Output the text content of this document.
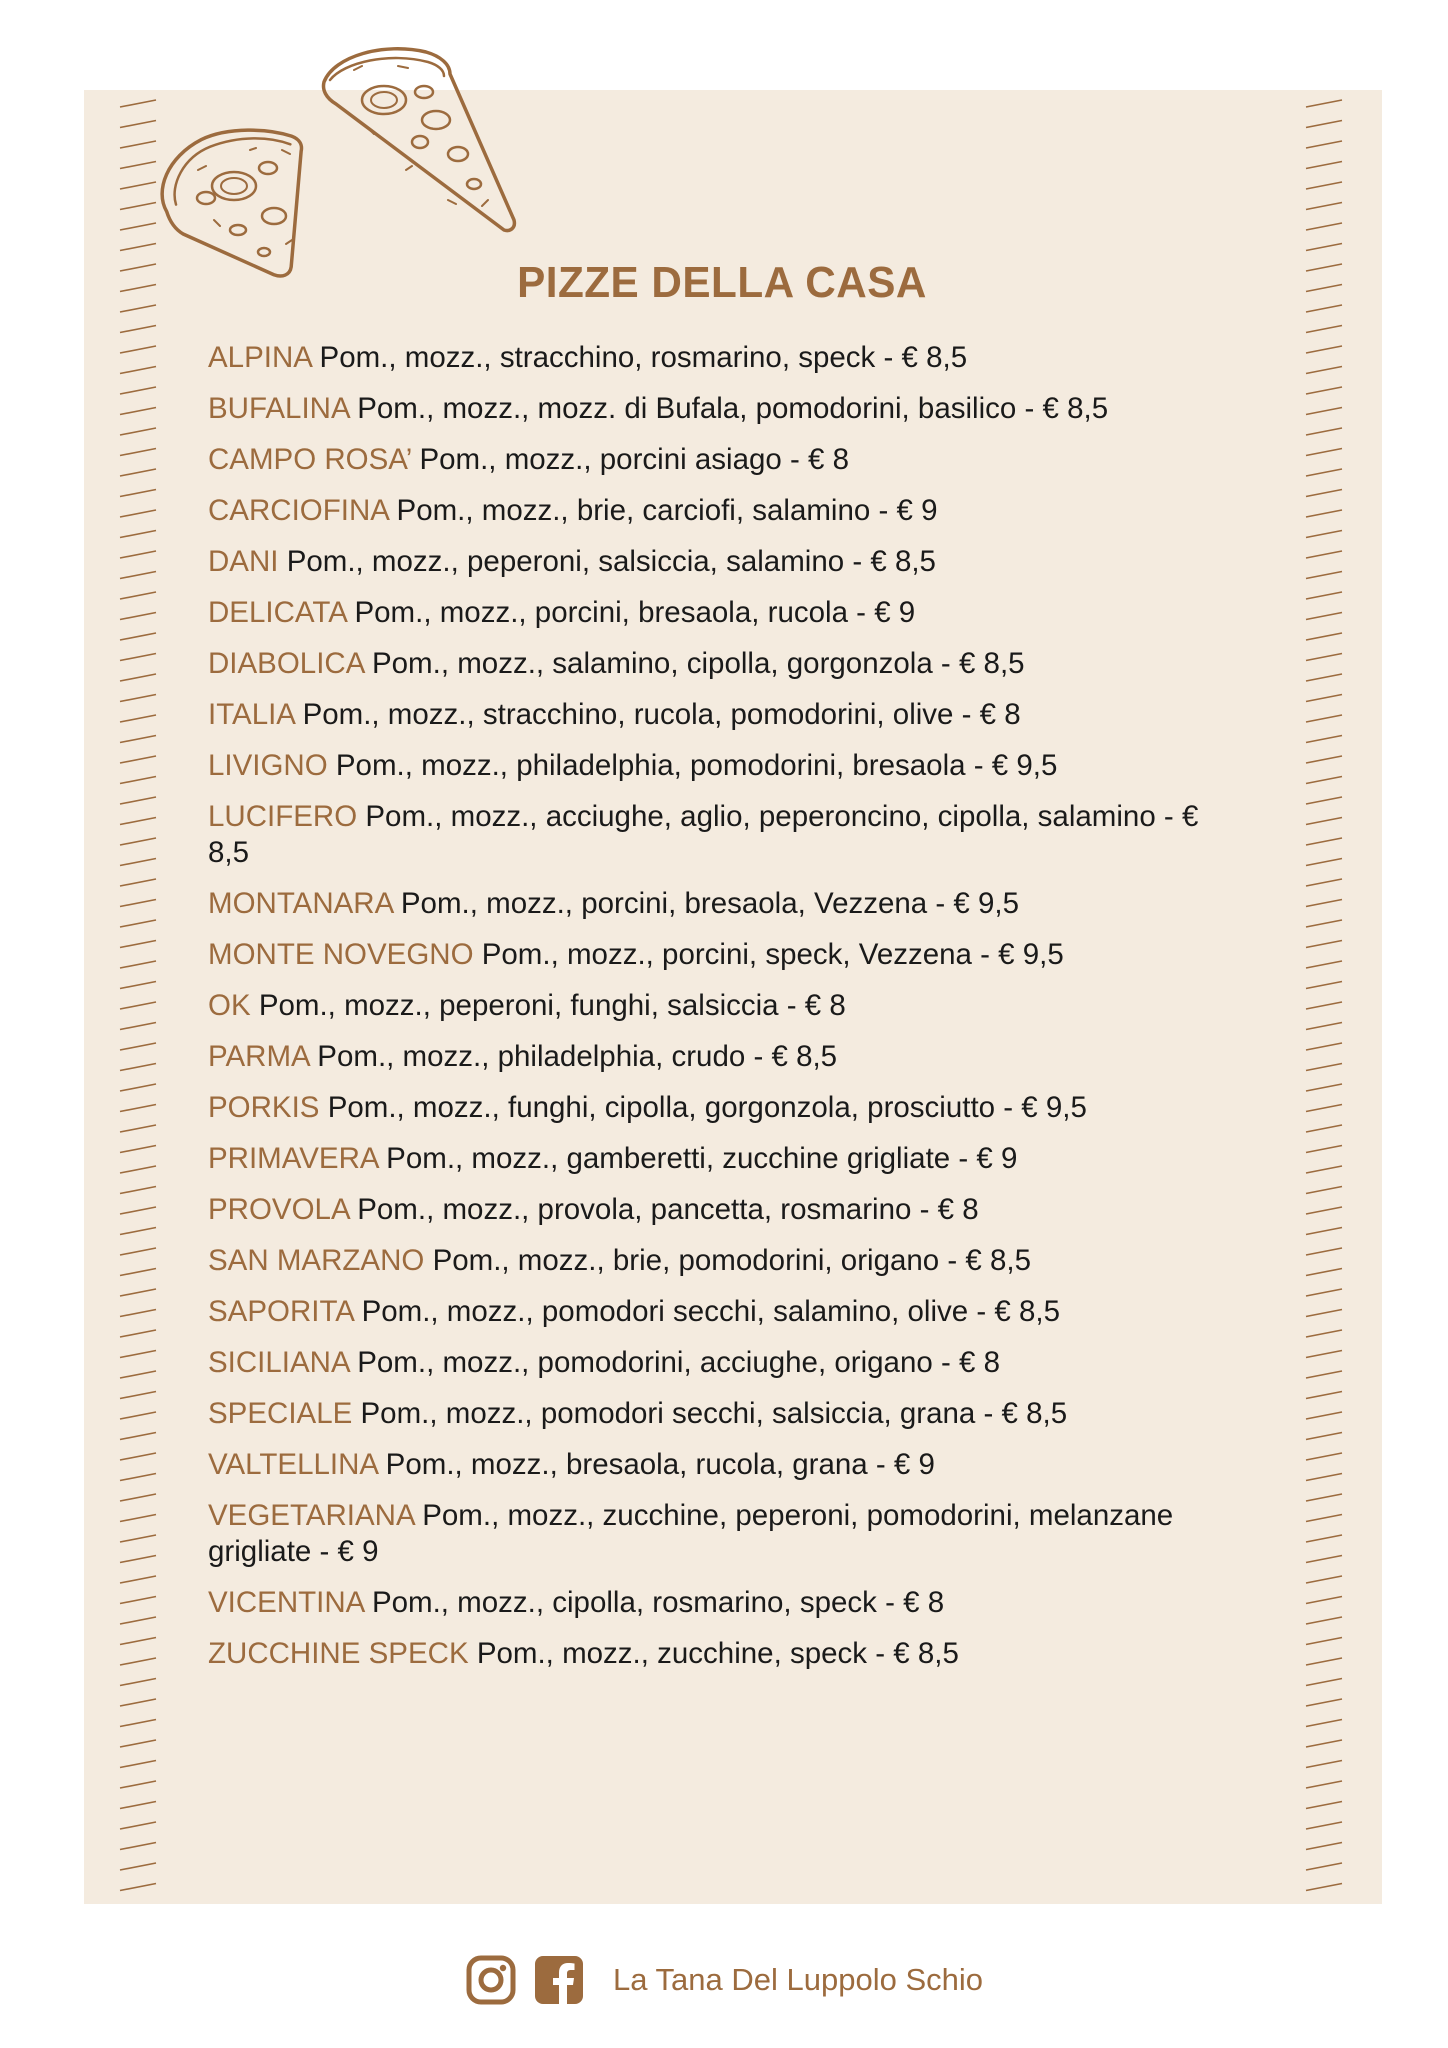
PIZZE DELLA CASA
ALPINA Pom., mozz., stracchino, rosmarino, speck - € 8,5
BUFALINA Pom., mozz., mozz. di Bufala, pomodorini, basilico - € 8,5
CAMPO ROSA’ Pom., mozz., porcini asiago - € 8
CARCIOFINA Pom., mozz., brie, carciofi, salamino - € 9
DANI Pom., mozz., peperoni, salsiccia, salamino - € 8,5
DELICATA Pom., mozz., porcini, bresaola, rucola - € 9
DIABOLICA Pom., mozz., salamino, cipolla, gorgonzola - € 8,5
ITALIA Pom., mozz., stracchino, rucola, pomodorini, olive - € 8
LIVIGNO Pom., mozz., philadelphia, pomodorini, bresaola - € 9,5
LUCIFERO Pom., mozz., acciughe, aglio, peperoncino, cipolla, salamino - € 8,5
MONTANARA Pom., mozz., porcini, bresaola, Vezzena - € 9,5
MONTE NOVEGNO Pom., mozz., porcini, speck, Vezzena - € 9,5
OK Pom., mozz., peperoni, funghi, salsiccia - € 8
PARMA Pom., mozz., philadelphia, crudo - € 8,5
PORKIS Pom., mozz., funghi, cipolla, gorgonzola, prosciutto - € 9,5
PRIMAVERA Pom., mozz., gamberetti, zucchine grigliate - € 9
PROVOLA Pom., mozz., provola, pancetta, rosmarino - € 8
SAN MARZANO Pom., mozz., brie, pomodorini, origano - € 8,5
SAPORITA Pom., mozz., pomodori secchi, salamino, olive - € 8,5
SICILIANA Pom., mozz., pomodorini, acciughe, origano - € 8
SPECIALE Pom., mozz., pomodori secchi, salsiccia, grana - € 8,5
VALTELLINA Pom., mozz., bresaola, rucola, grana - € 9
VEGETARIANA Pom., mozz., zucchine, peperoni, pomodorini, melanzane grigliate - € 9
VICENTINA Pom., mozz., cipolla, rosmarino, speck - € 8
ZUCCHINE SPECK Pom., mozz., zucchine, speck - € 8,5
La Tana Del Luppolo Schio
